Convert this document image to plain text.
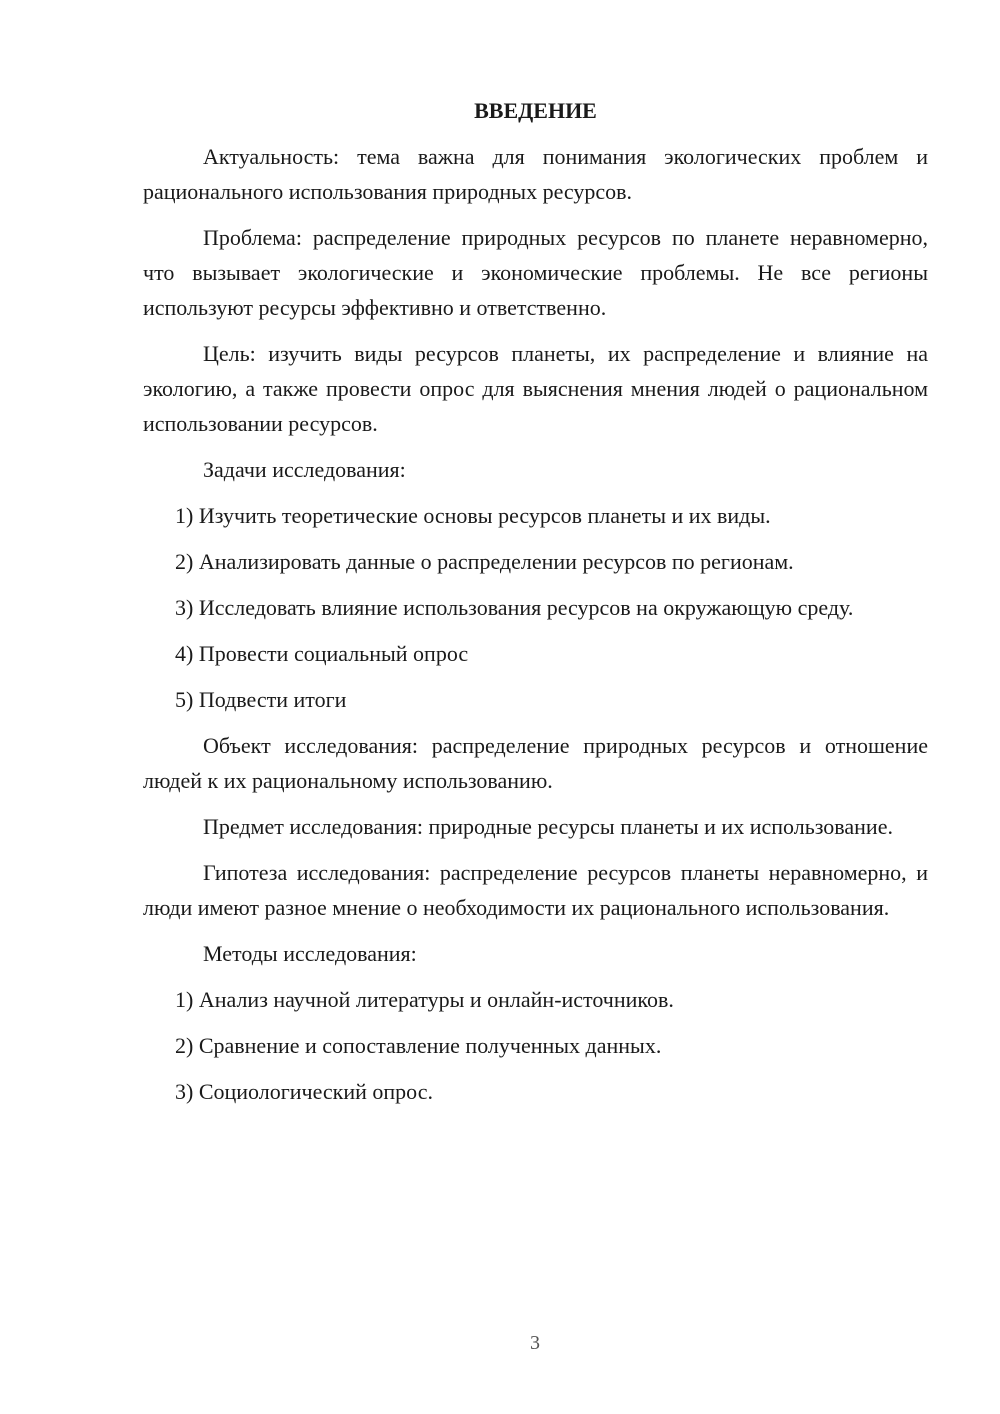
ВВЕДЕНИЕ

Актуальность: тема важна для понимания экологических проблем и рационального использования природных ресурсов.

Проблема: распределение природных ресурсов по планете неравномерно, что вызывает экологические и экономические проблемы. Не все регионы используют ресурсы эффективно и ответственно.

Цель: изучить виды ресурсов планеты, их распределение и влияние на экологию, а также провести опрос для выяснения мнения людей о рациональном использовании ресурсов.

Задачи исследования:

1) Изучить теоретические основы ресурсов планеты и их виды.

2) Анализировать данные о распределении ресурсов по регионам.

3) Исследовать влияние использования ресурсов на окружающую среду.

4) Провести социальный опрос

5) Подвести итоги

Объект исследования: распределение природных ресурсов и отношение людей к их рациональному использованию.

Предмет исследования: природные ресурсы планеты и их использование.

Гипотеза исследования: распределение ресурсов планеты неравномерно, и люди имеют разное мнение о необходимости их рационального использования.

Методы исследования:

1) Анализ научной литературы и онлайн-источников.

2) Сравнение и сопоставление полученных данных.

3) Социологический опрос.

3
